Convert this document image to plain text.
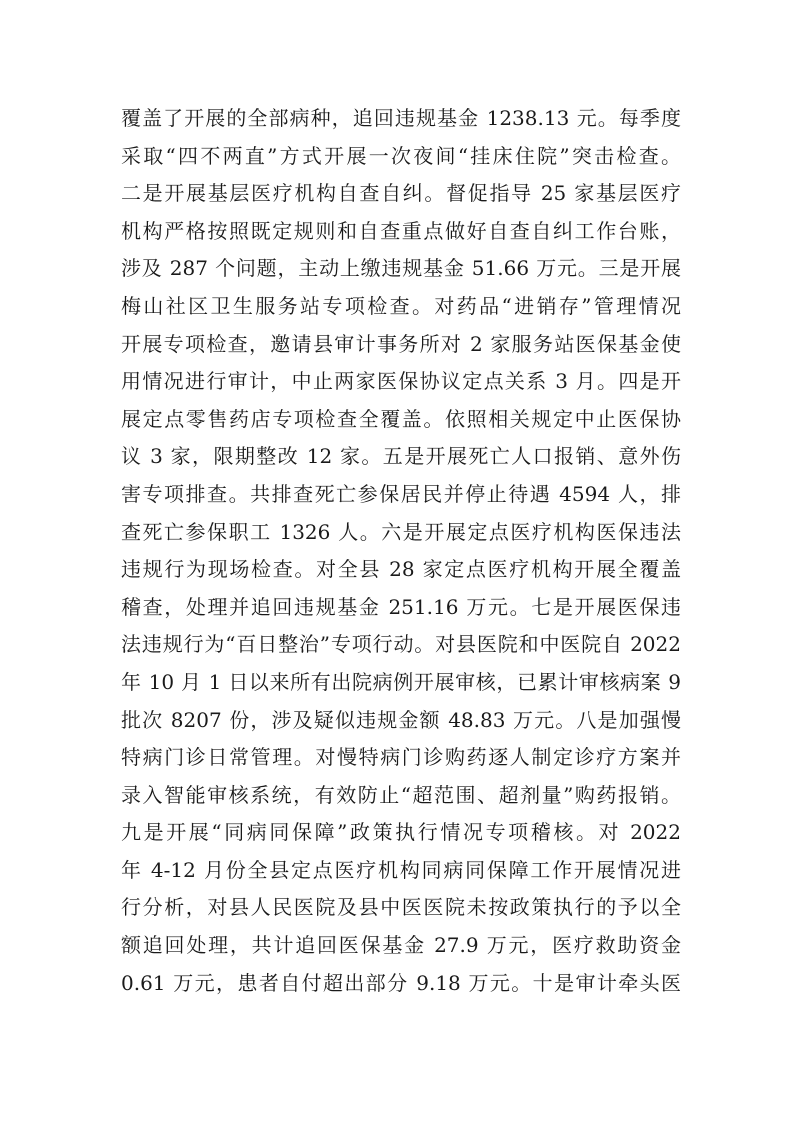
覆盖了开展的全部病种，追回违规基金 1238.13 元。每季度
采取“四不两直”方式开展一次夜间“挂床住院”突击检查。
二是开展基层医疗机构自查自纠。督促指导 25 家基层医疗
机构严格按照既定规则和自查重点做好自查自纠工作台账，
涉及 287 个问题，主动上缴违规基金 51.66 万元。三是开展
梅山社区卫生服务站专项检查。对药品“进销存”管理情况
开展专项检查，邀请县审计事务所对 2 家服务站医保基金使
用情况进行审计，中止两家医保协议定点关系 3 月。四是开
展定点零售药店专项检查全覆盖。依照相关规定中止医保协
议 3 家，限期整改 12 家。五是开展死亡人口报销、意外伤
害专项排查。共排查死亡参保居民并停止待遇 4594 人，排
查死亡参保职工 1326 人。六是开展定点医疗机构医保违法
违规行为现场检查。对全县 28 家定点医疗机构开展全覆盖
稽查，处理并追回违规基金 251.16 万元。七是开展医保违
法违规行为“百日整治”专项行动。对县医院和中医院自 2022
年 10 月 1 日以来所有出院病例开展审核，已累计审核病案 9
批次 8207 份，涉及疑似违规金额 48.83 万元。八是加强慢
特病门诊日常管理。对慢特病门诊购药逐人制定诊疗方案并
录入智能审核系统，有效防止“超范围、超剂量”购药报销。
九是开展“同病同保障”政策执行情况专项稽核。对 2022
年 4-12 月份全县定点医疗机构同病同保障工作开展情况进
行分析，对县人民医院及县中医医院未按政策执行的予以全
额追回处理，共计追回医保基金 27.9 万元，医疗救助资金
0.61 万元，患者自付超出部分 9.18 万元。十是审计牵头医
